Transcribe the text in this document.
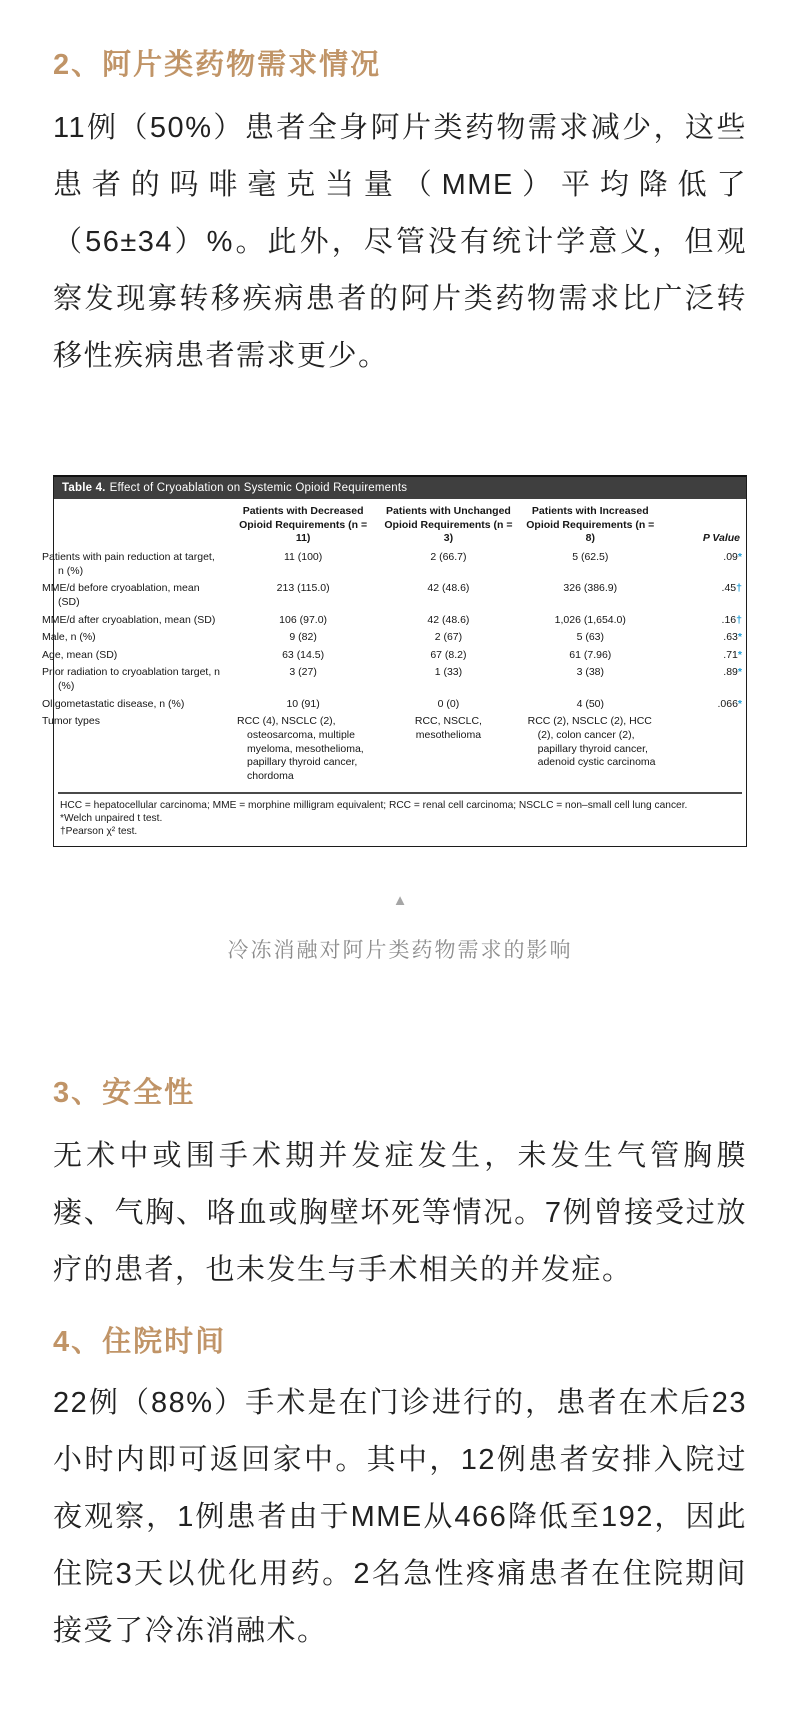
2、阿片类药物需求情况

11例（50%）患者全身阿片类药物需求减少，这些患者的吗啡毫克当量（MME）平均降低了（56±34）%。此外，尽管没有统计学意义，但观察发现寡转移疾病患者的阿片类药物需求比广泛转移性疾病患者需求更少。

Table 4. Effect of Cryoablation on Systemic Opioid Requirements
	Patients with Decreased Opioid Requirements (n = 11)	Patients with Unchanged Opioid Requirements (n = 3)	Patients with Increased Opioid Requirements (n = 8)	P Value
Patients with pain reduction at target, n (%)	11 (100)	2 (66.7)	5 (62.5)	.09*
MME/d before cryoablation, mean (SD)	213 (115.0)	42 (48.6)	326 (386.9)	.45†
MME/d after cryoablation, mean (SD)	106 (97.0)	42 (48.6)	1,026 (1,654.0)	.16†
Male, n (%)	9 (82)	2 (67)	5 (63)	.63*
Age, mean (SD)	63 (14.5)	67 (8.2)	61 (7.96)	.71*
Prior radiation to cryoablation target, n (%)	3 (27)	1 (33)	3 (38)	.89*
Oligometastatic disease, n (%)	10 (91)	0 (0)	4 (50)	.066*
Tumor types	RCC (4), NSCLC (2), osteosarcoma, multiple myeloma, mesothelioma, papillary thyroid cancer, chordoma	RCC, NSCLC, mesothelioma	RCC (2), NSCLC (2), HCC (2), colon cancer (2), papillary thyroid cancer, adenoid cystic carcinoma	
HCC = hepatocellular carcinoma; MME = morphine milligram equivalent; RCC = renal cell carcinoma; NSCLC = non–small cell lung cancer.
*Welch unpaired t test.
†Pearson χ² test.
▲
冷冻消融对阿片类药物需求的影响
3、安全性

无术中或围手术期并发症发生，未发生气管胸膜瘘、气胸、咯血或胸壁坏死等情况。7例曾接受过放疗的患者，也未发生与手术相关的并发症。

4、住院时间

22例（88%）手术是在门诊进行的，患者在术后23小时内即可返回家中。其中，12例患者安排入院过夜观察，1例患者由于MME从466降低至192，因此住院3天以优化用药。2名急性疼痛患者在住院期间接受了冷冻消融术。
